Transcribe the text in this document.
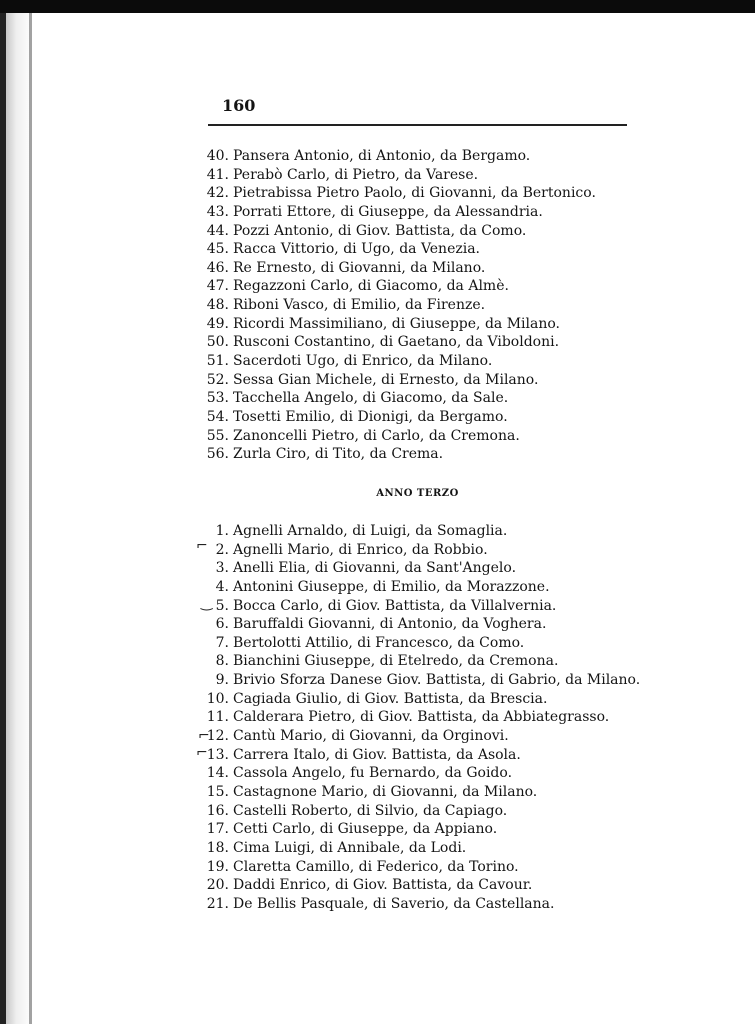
160
40. Pansera Antonio, di Antonio, da Bergamo.
41. Perabò Carlo, di Pietro, da Varese.
42. Pietrabissa Pietro Paolo, di Giovanni, da Bertonico.
43. Porrati Ettore, di Giuseppe, da Alessandria.
44. Pozzi Antonio, di Giov. Battista, da Como.
45. Racca Vittorio, di Ugo, da Venezia.
46. Re Ernesto, di Giovanni, da Milano.
47. Regazzoni Carlo, di Giacomo, da Almè.
48. Riboni Vasco, di Emilio, da Firenze.
49. Ricordi Massimiliano, di Giuseppe, da Milano.
50. Rusconi Costantino, di Gaetano, da Viboldoni.
51. Sacerdoti Ugo, di Enrico, da Milano.
52. Sessa Gian Michele, di Ernesto, da Milano.
53. Tacchella Angelo, di Giacomo, da Sale.
54. Tosetti Emilio, di Dionigi, da Bergamo.
55. Zanoncelli Pietro, di Carlo, da Cremona.
56. Zurla Ciro, di Tito, da Crema.
ANNO TERZO
1. Agnelli Arnaldo, di Luigi, da Somaglia.
2. Agnelli Mario, di Enrico, da Robbio.
3. Anelli Elia, di Giovanni, da Sant'Angelo.
4. Antonini Giuseppe, di Emilio, da Morazzone.
5. Bocca Carlo, di Giov. Battista, da Villalvernia.
6. Baruffaldi Giovanni, di Antonio, da Voghera.
7. Bertolotti Attilio, di Francesco, da Como.
8. Bianchini Giuseppe, di Etelredo, da Cremona.
9. Brivio Sforza Danese Giov. Battista, di Gabrio, da Milano.
10. Cagiada Giulio, di Giov. Battista, da Brescia.
11. Calderara Pietro, di Giov. Battista, da Abbiategrasso.
12. Cantù Mario, di Giovanni, da Orginovi.
13. Carrera Italo, di Giov. Battista, da Asola.
14. Cassola Angelo, fu Bernardo, da Goido.
15. Castagnone Mario, di Giovanni, da Milano.
16. Castelli Roberto, di Silvio, da Capiago.
17. Cetti Carlo, di Giuseppe, da Appiano.
18. Cima Luigi, di Annibale, da Lodi.
19. Claretta Camillo, di Federico, da Torino.
20. Daddi Enrico, di Giov. Battista, da Cavour.
21. De Bellis Pasquale, di Saverio, da Castellana.
⌐
‿
⌐
⌐
